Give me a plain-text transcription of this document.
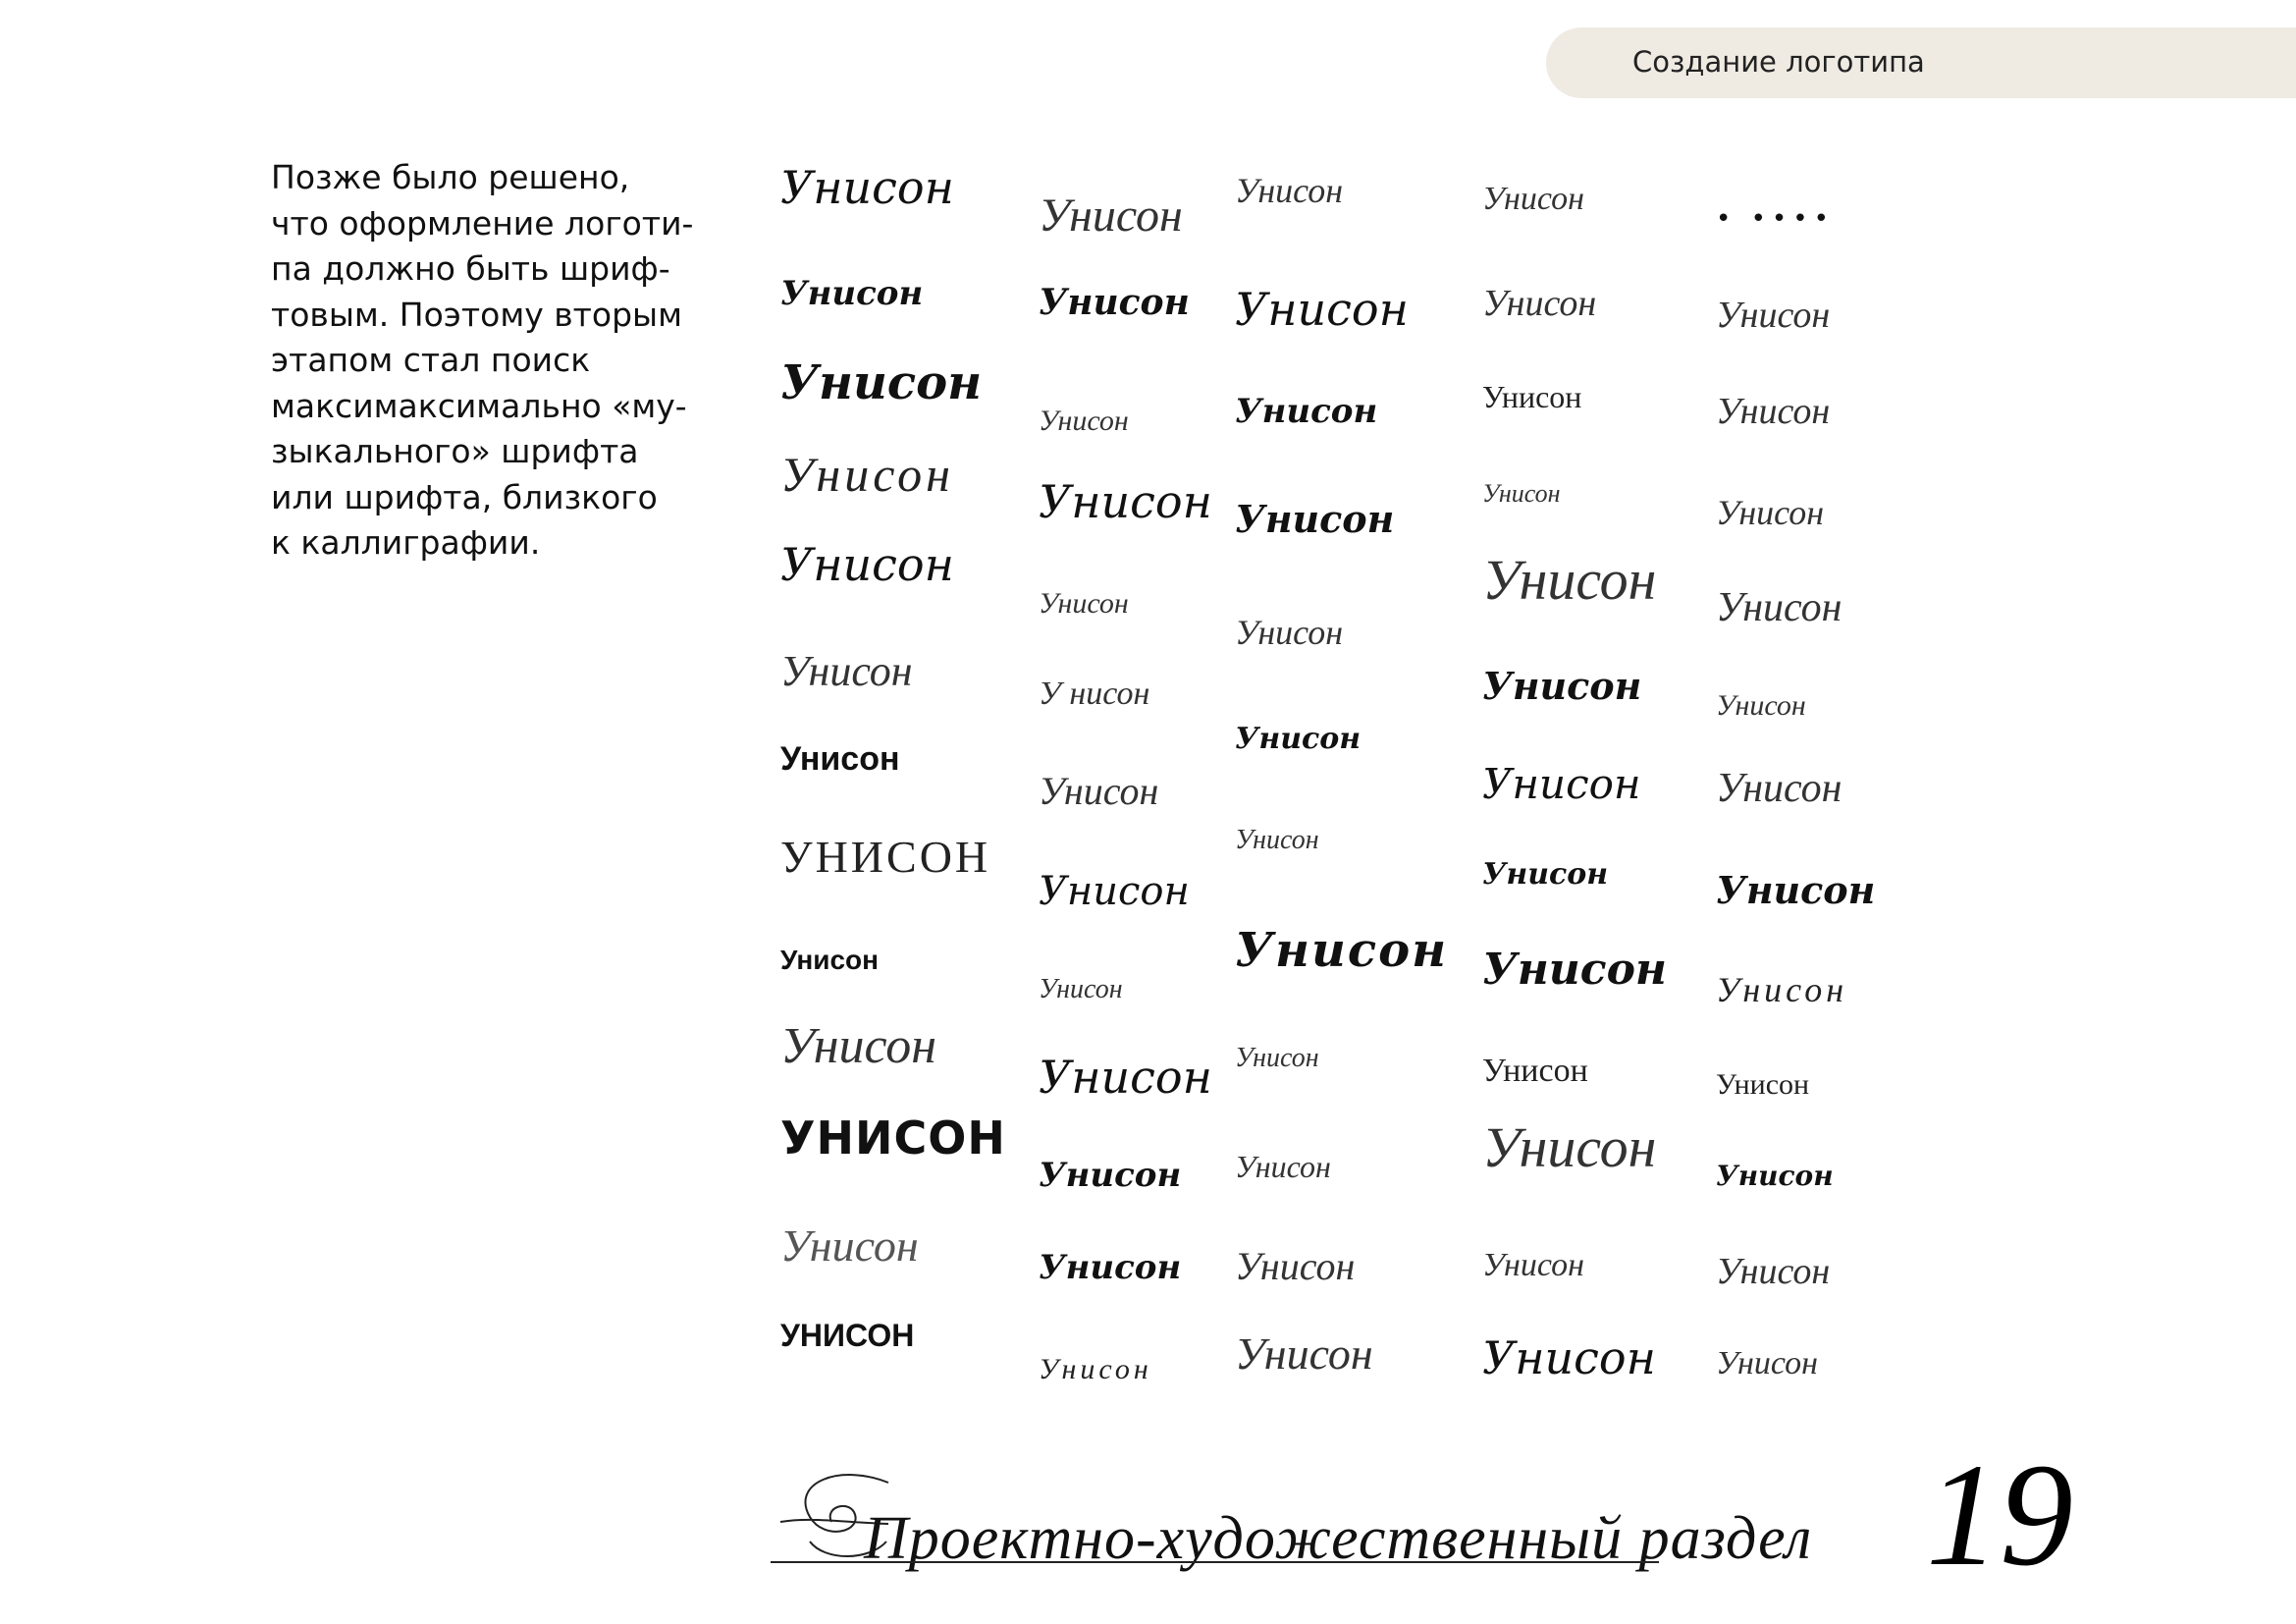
Создание логотипа
Позже было решено,
что оформление логоти-
па должно быть шриф-
товым. Поэтому вторым
этапом стал поиск
максимаксимально «му-
зыкального» шрифта
или шрифта, близкого
к каллиграфии.
Унисон
Унисон
Унисон
Унисон
Унисон
Унисон
Унисон
УНИСОН
Унисон
Унисон
УНИСОН
Унисон
УНИСОН
Унисон
Унисон
Унисон
Унисон
Унисон
У нисон
Унисон
Унисон
Унисон
Унисон
Унисон
Унисон
Унисон
Унисон
Унисон
Унисон
Унисон
Унисон
Унисон
Унисон
Унисон
Унисон
Унисон
Унисон
Унисон
Унисон
Унисон
Унисон
Унисон
Унисон
Унисон
Унисон
Унисон
Унисон
Унисон
Унисон
Унисон
Унисон
• ••••
Унисон
Унисон
Унисон
Унисон
Унисон
Унисон
Унисон
Унисон
Унисон
Унисон
Унисон
Унисон
Проектно-художественный раздел 19
